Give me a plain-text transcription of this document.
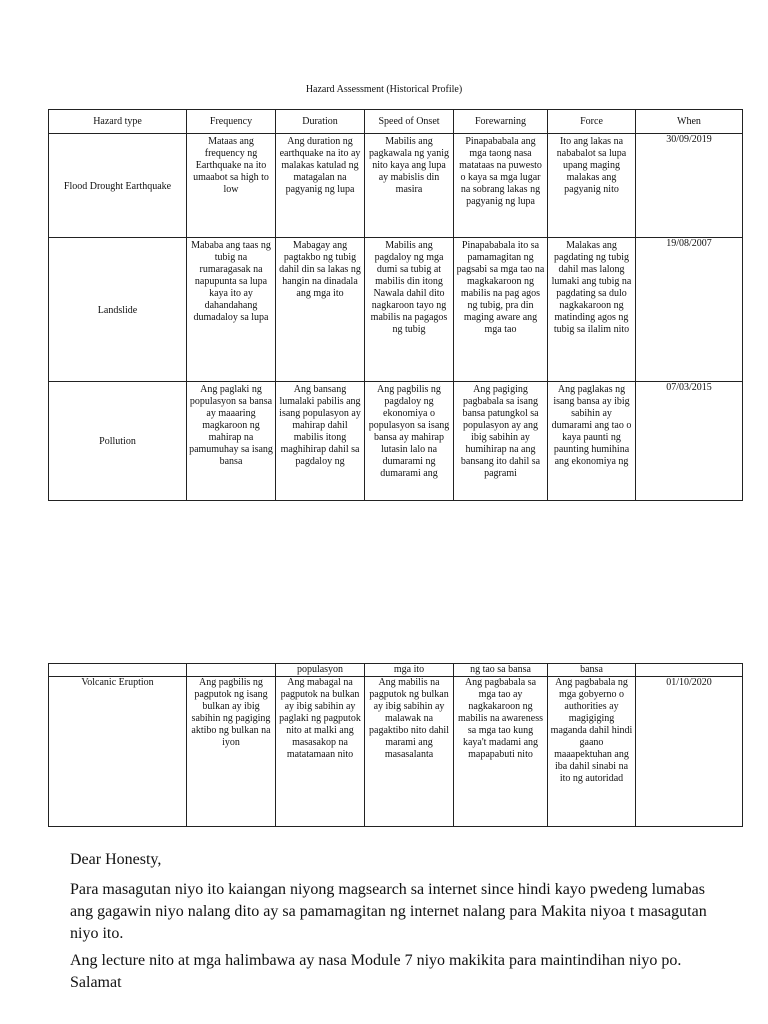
Hazard Assessment (Historical Profile)
Hazard type	Frequency	Duration	Speed of Onset	Forewarning	Force	When
Flood Drought Earthquake	Mataas ang frequency ng Earthquake na ito umaabot sa high to low	Ang duration ng earthquake na ito ay malakas katulad ng matagalan na pagyanig ng lupa	Mabilis ang pagkawala ng yanig nito kaya ang lupa ay mabislis din masira	Pinapababala ang mga taong nasa matataas na puwesto o kaya sa mga lugar na sobrang lakas ng pagyanig ng lupa	Ito ang lakas na nababalot sa lupa upang maging malakas ang pagyanig nito	30/09/2019
Landslide	Mababa ang taas ng tubig na rumaragasak na napupunta sa lupa kaya ito ay dahandahang dumadaloy sa lupa	Mabagay ang pagtakbo ng tubig dahil din sa lakas ng hangin na dinadala ang mga ito	Mabilis ang pagdaloy ng mga dumi sa tubig at mabilis din itong Nawala dahil dito nagkaroon tayo ng mabilis na pagagos ng tubig	Pinapababala ito sa pamamagitan ng pagsabi sa mga tao na magkakaroon ng mabilis na pag agos ng tubig, pra din maging aware ang mga tao	Malakas ang pagdating ng tubig dahil mas lalong lumaki ang tubig na pagdating sa dulo nagkakaroon ng matinding agos ng tubig sa ilalim nito	19/08/2007
Pollution	Ang paglaki ng populasyon sa bansa ay maaaring magkaroon ng mahirap na pamumuhay sa isang bansa	Ang bansang lumalaki pabilis ang isang populasyon ay mahirap dahil mabilis itong maghihirap dahil sa pagdaloy ng	Ang pagbilis ng pagdaloy ng ekonomiya o populasyon sa isang bansa ay mahirap lutasin lalo na dumarami ng dumarami ang	Ang pagiging pagbabala sa isang bansa patungkol sa populasyon ay ang ibig sabihin ay humihirap na ang bansang ito dahil sa pagrami	Ang paglakas ng isang bansa ay ibig sabihin ay dumarami ang tao o kaya paunti ng paunting humihina ang ekonomiya ng	07/03/2015
		populasyon	mga ito	ng tao sa bansa	bansa	
Volcanic Eruption	Ang pagbilis ng pagputok ng isang bulkan ay ibig sabihin ng pagiging aktibo ng bulkan na iyon	Ang mabagal na pagputok na bulkan ay ibig sabihin ay paglaki ng pagputok nito at malki ang masasakop na matatamaan nito	Ang mabilis na pagputok ng bulkan ay ibig sabihin ay malawak na pagaktibo nito dahil marami ang masasalanta	Ang pagbabala sa mga tao ay nagkakaroon ng mabilis na awareness sa mga tao kung kaya't madami ang mapapabuti nito	Ang pagbabala ng mga gobyerno o authorities ay magigiging maganda dahil hindi gaano maaapektuhan ang iba dahil sinabi na ito ng autoridad	01/10/2020
Dear Honesty,

Para masagutan niyo ito kaiangan niyong magsearch sa internet since hindi kayo pwedeng lumabas ang gagawin niyo nalang dito ay sa pamamagitan ng internet nalang para Makita niyoa t masagutan niyo ito.

Ang lecture nito at mga halimbawa ay nasa Module 7 niyo makikita para maintindihan niyo po. Salamat
